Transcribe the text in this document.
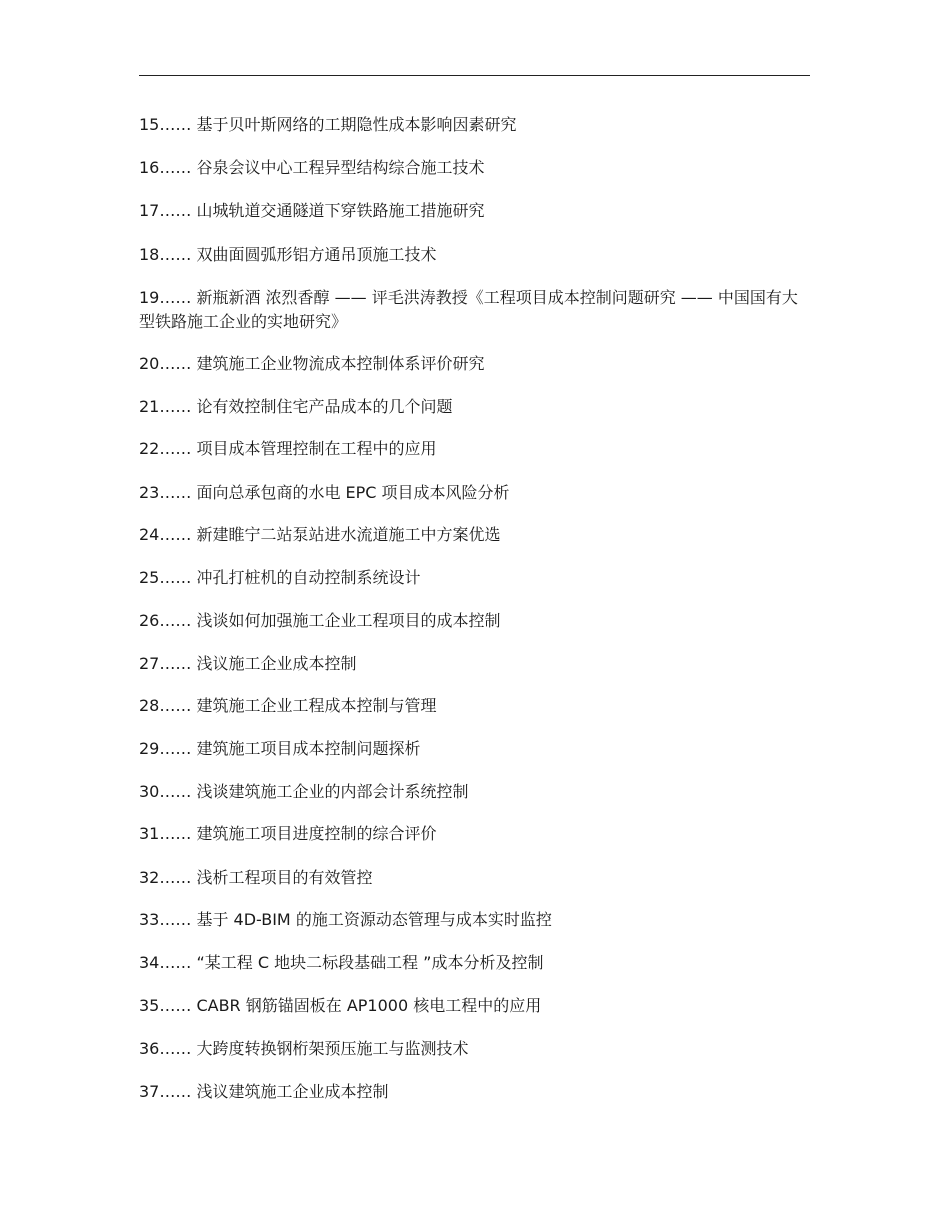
15…… 基于贝叶斯网络的工期隐性成本影响因素研究
16…… 谷泉会议中心工程异型结构综合施工技术
17…… 山城轨道交通隧道下穿铁路施工措施研究
18…… 双曲面圆弧形铝方通吊顶施工技术
19…… 新瓶新酒 浓烈香醇 —— 评毛洪涛教授《工程项目成本控制问题研究 —— 中国国有大型铁路施工企业的实地研究》
20…… 建筑施工企业物流成本控制体系评价研究
21…… 论有效控制住宅产品成本的几个问题
22…… 项目成本管理控制在工程中的应用
23…… 面向总承包商的水电 EPC 项目成本风险分析
24…… 新建睢宁二站泵站进水流道施工中方案优选
25…… 冲孔打桩机的自动控制系统设计
26…… 浅谈如何加强施工企业工程项目的成本控制
27…… 浅议施工企业成本控制
28…… 建筑施工企业工程成本控制与管理
29…… 建筑施工项目成本控制问题探析
30…… 浅谈建筑施工企业的内部会计系统控制
31…… 建筑施工项目进度控制的综合评价
32…… 浅析工程项目的有效管控
33…… 基于 4D-BIM 的施工资源动态管理与成本实时监控
34…… “某工程 C 地块二标段基础工程 ”成本分析及控制
35…… CABR 钢筋锚固板在 AP1000 核电工程中的应用
36…… 大跨度转换钢桁架预压施工与监测技术
37…… 浅议建筑施工企业成本控制
